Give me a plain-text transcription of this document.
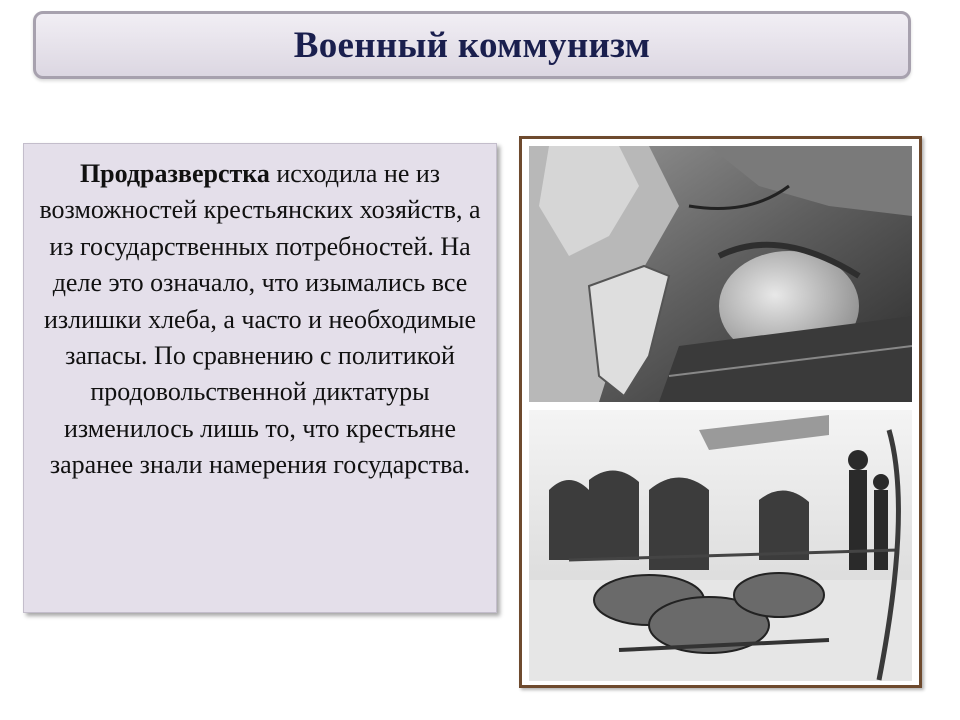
Военный коммунизм

Продразверстка исходила не из возможностей крестьянских хозяйств, а из государственных потребностей. На деле это означало, что изымались все излишки хлеба, а часто и необходимые запасы. По сравнению с политикой продовольственной диктатуры изменилось лишь то, что крестьяне заранее знали намерения государства.
